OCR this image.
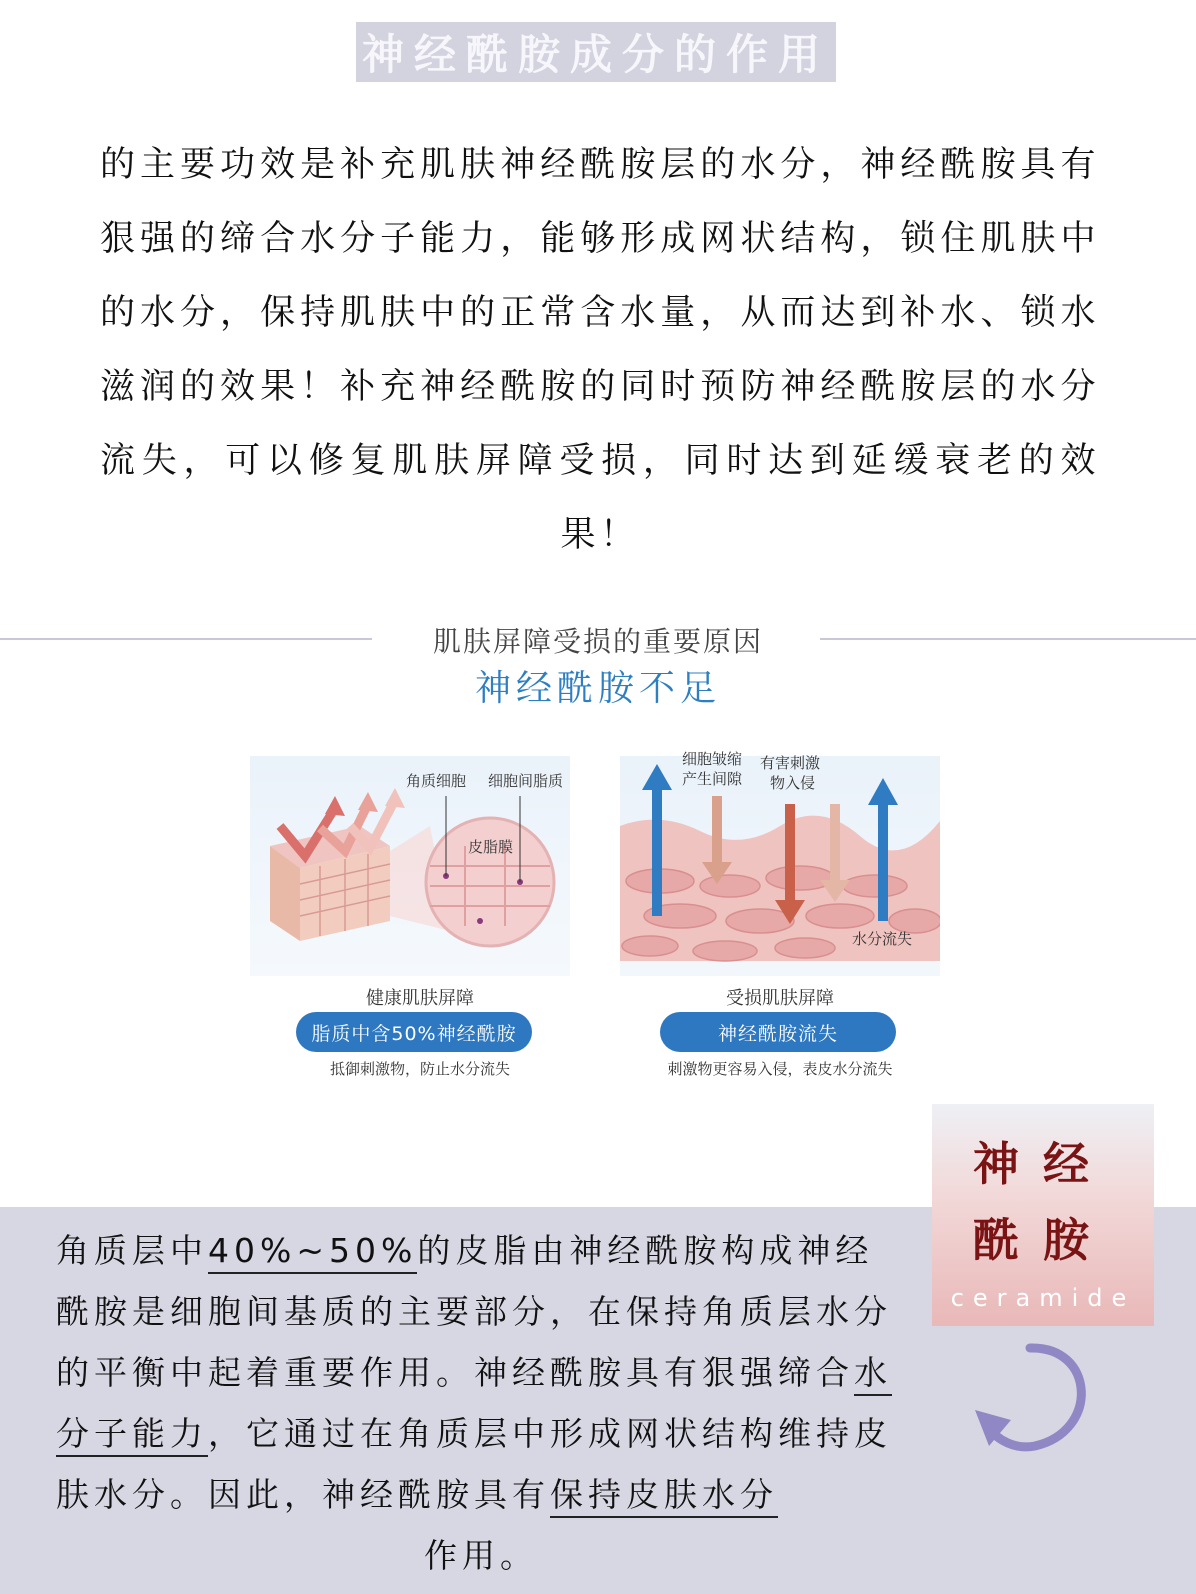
神经酰胺成分的作用
的主要功效是补充肌肤神经酰胺层的水分，神经酰胺具有狠强的缔合水分子能力，能够形成网状结构，锁住肌肤中的水分，保持肌肤中的正常含水量，从而达到补水、锁水滋润的效果！补充神经酰胺的同时预防神经酰胺层的水分流失，可以修复肌肤屏障受损，同时达到延缓衰老的效果！
肌肤屏障受损的重要原因
神经酰胺不足
角质细胞 细胞间脂质
皮脂膜
细胞皱缩
产生间隙
有害刺激
物入侵
水分流失
健康肌肤屏障
脂质中含50%神经酰胺
抵御刺激物，防止水分流失
受损肌肤屏障
神经酰胺流失
刺激物更容易入侵，表皮水分流失
神经
酰胺
ceramide
角质层中40%~50%的皮脂由神经酰胺构成神经酰胺是细胞间基质的主要部分，在保持角质层水分的平衡中起着重要作用。神经酰胺具有狠强缔合水分子能力，它通过在角质层中形成网状结构维持皮肤水分。因此，神经酰胺具有保持皮肤水分
作用。
